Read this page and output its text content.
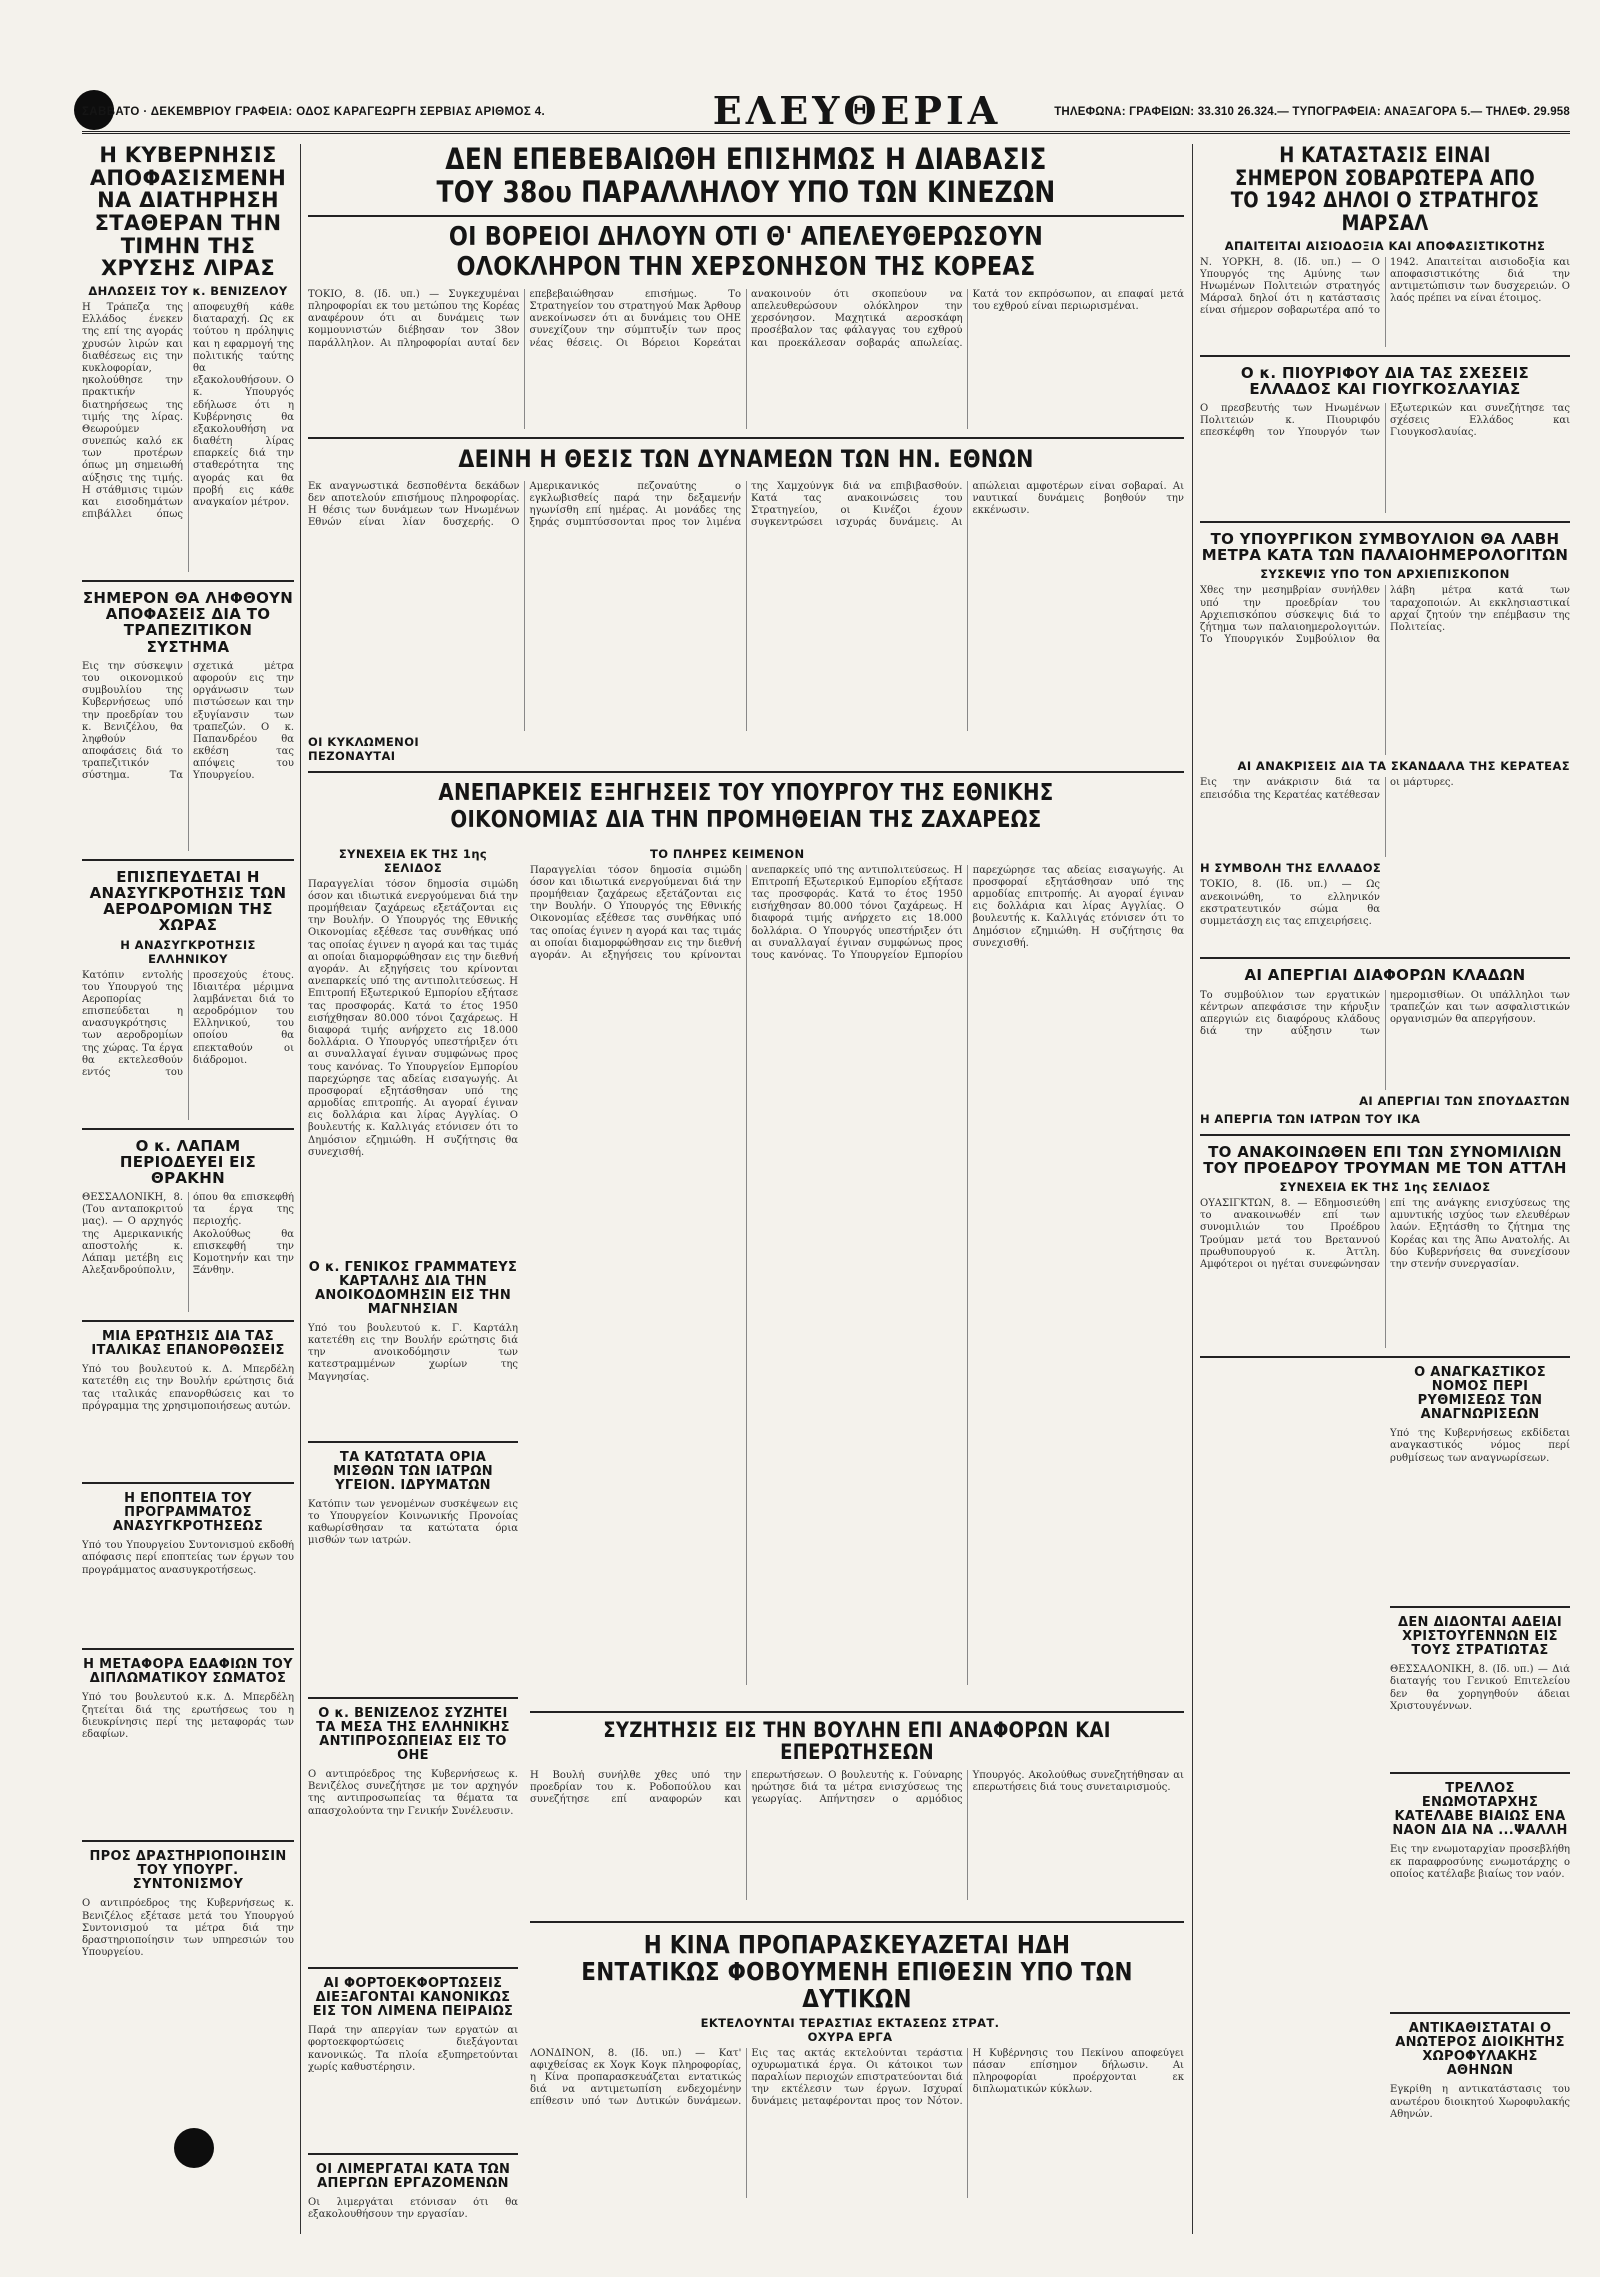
ΣΑΒΒΑΤΟ · ΔΕΚΕΜΒΡΙΟΥ ΓΡΑΦΕΙΑ: ΟΔΟΣ ΚΑΡΑΓΕΩΡΓΗ ΣΕΡΒΙΑΣ ΑΡΙΘΜΟΣ 4.	ΕΛΕΥΘΕΡΙΑ	ΤΗΛΕΦΩΝΑ: ΓΡΑΦΕΙΩΝ: 33.310 26.324.— ΤΥΠΟΓΡΑΦΕΙΑ: ΑΝΑΞΑΓΟΡΑ 5.— ΤΗΛΕΦ. 29.958
Η ΚΥΒΕΡΝΗΣΙΣ ΑΠΟΦΑΣΙΣΜΕΝΗ ΝΑ ΔΙΑΤΗΡΗΣΗ ΣΤΑΘΕΡΑΝ ΤΗΝ ΤΙΜΗΝ ΤΗΣ ΧΡΥΣΗΣ ΛΙΡΑΣ
ΔΗΛΩΣΕΙΣ ΤΟΥ κ. ΒΕΝΙΖΕΛΟΥ
Η Τράπεζα της Ελλάδος ένεκεν της επί της αγοράς χρυσών λιρών και διαθέσεως εις την κυκλοφορίαν, ηκολούθησε την πρακτικήν διατηρήσεως της τιμής της λίρας. Θεωρούμεν συνεπώς καλό εκ των προτέρων όπως μη σημειωθή αύξησις της τιμής. Η στάθμισις τιμών και εισοδημάτων επιβάλλει όπως αποφευχθή κάθε διαταραχή. Ως εκ τούτου η πρόληψις και η εφαρμογή της πολιτικής ταύτης θα εξακολουθήσουν. Ο κ. Υπουργός εδήλωσε ότι η Κυβέρνησις θα εξακολουθήση να διαθέτη λίρας επαρκείς διά την σταθερότητα της αγοράς και θα προβή εις κάθε αναγκαίον μέτρον.
ΣΗΜΕΡΟΝ ΘΑ ΛΗΦΘΟΥΝ ΑΠΟΦΑΣΕΙΣ ΔΙΑ ΤΟ ΤΡΑΠΕΖΙΤΙΚΟΝ ΣΥΣΤΗΜΑ
Εις την σύσκεψιν του οικονομικού συμβουλίου της Κυβερνήσεως υπό την προεδρίαν του κ. Βενιζέλου, θα ληφθούν αποφάσεις διά το τραπεζιτικόν σύστημα. Τα σχετικά μέτρα αφορούν εις την οργάνωσιν των πιστώσεων και την εξυγίανσιν των τραπεζών. Ο κ. Παπανδρέου θα εκθέση τας απόψεις του Υπουργείου.
ΕΠΙΣΠΕΥΔΕΤΑΙ Η ΑΝΑΣΥΓΚΡΟΤΗΣΙΣ ΤΩΝ ΑΕΡΟΔΡΟΜΙΩΝ ΤΗΣ ΧΩΡΑΣ
Η ΑΝΑΣΥΓΚΡΟΤΗΣΙΣ ΕΛΛΗΝΙΚΟΥ
Κατόπιν εντολής του Υπουργού της Αεροπορίας επισπεύδεται η ανασυγκρότησις των αεροδρομίων της χώρας. Τα έργα θα εκτελεσθούν εντός του προσεχούς έτους. Ιδιαιτέρα μέριμνα λαμβάνεται διά το αεροδρόμιον του Ελληνικού, του οποίου θα επεκταθούν οι διάδρομοι.
Ο κ. ΛΑΠΑΜ ΠΕΡΙΟΔΕΥΕΙ ΕΙΣ ΘΡΑΚΗΝ
ΘΕΣΣΑΛΟΝΙΚΗ, 8. (Του ανταποκριτού μας). — Ο αρχηγός της Αμερικανικής αποστολής κ. Λάπαμ μετέβη εις Αλεξανδρούπολιν, όπου θα επισκεφθή τα έργα της περιοχής. Ακολούθως θα επισκεφθή την Κομοτηνήν και την Ξάνθην.
ΜΙΑ ΕΡΩΤΗΣΙΣ ΔΙΑ ΤΑΣ ΙΤΑΛΙΚΑΣ ΕΠΑΝΟΡΘΩΣΕΙΣ
Υπό του βουλευτού κ. Δ. Μπερδέλη κατετέθη εις την Βουλήν ερώτησις διά τας ιταλικάς επανορθώσεις και το πρόγραμμα της χρησιμοποιήσεως αυτών.
Η ΕΠΟΠΤΕΙΑ ΤΟΥ ΠΡΟΓΡΑΜΜΑΤΟΣ ΑΝΑΣΥΓΚΡΟΤΗΣΕΩΣ
Υπό του Υπουργείου Συντονισμού εκδοθή απόφασις περί εποπτείας των έργων του προγράμματος ανασυγκροτήσεως.
Η ΜΕΤΑΦΟΡΑ ΕΔΑΦΙΩΝ ΤΟΥ ΔΙΠΛΩΜΑΤΙΚΟΥ ΣΩΜΑΤΟΣ
Υπό του βουλευτού κ.κ. Δ. Μπερδέλη ζητείται διά της ερωτήσεως του η διευκρίνησις περί της μεταφοράς των εδαφίων.
ΠΡΟΣ ΔΡΑΣΤΗΡΙΟΠΟΙΗΣΙΝ ΤΟΥ ΥΠΟΥΡΓ. ΣΥΝΤΟΝΙΣΜΟΥ
Ο αντιπρόεδρος της Κυβερνήσεως κ. Βενιζέλος εξέτασε μετά του Υπουργού Συντονισμού τα μέτρα διά την δραστηριοποίησιν των υπηρεσιών του Υπουργείου.
ΔΕΝ ΕΠΕΒΕΒΑΙΩΘΗ ΕΠΙΣΗΜΩΣ Η ΔΙΑΒΑΣΙΣ
ΤΟΥ 38ου ΠΑΡΑΛΛΗΛΟΥ ΥΠΟ ΤΩΝ ΚΙΝΕΖΩΝ
ΟΙ ΒΟΡΕΙΟΙ ΔΗΛΟΥΝ ΟΤΙ Θ' ΑΠΕΛΕΥΘΕΡΩΣΟΥΝ
ΟΛΟΚΛΗΡΟΝ ΤΗΝ ΧΕΡΣΟΝΗΣΟΝ ΤΗΣ ΚΟΡΕΑΣ
ΤΟΚΙΟ, 8. (Ιδ. υπ.) — Συγκεχυμέναι πληροφορίαι εκ του μετώπου της Κορέας αναφέρουν ότι αι δυνάμεις των κομμουνιστών διέβησαν τον 38ον παράλληλον. Αι πληροφορίαι αυταί δεν επεβεβαιώθησαν επισήμως. Το Στρατηγείον του στρατηγού Μακ Άρθουρ ανεκοίνωσεν ότι αι δυνάμεις του ΟΗΕ συνεχίζουν την σύμπτυξίν των προς νέας θέσεις. Οι Βόρειοι Κορεάται ανακοινούν ότι σκοπεύουν να απελευθερώσουν ολόκληρον την χερσόνησον. Μαχητικά αεροσκάφη προσέβαλον τας φάλαγγας του εχθρού και προεκάλεσαν σοβαράς απωλείας. Κατά τον εκπρόσωπον, αι επαφαί μετά του εχθρού είναι περιωρισμέναι.
ΔΕΙΝΗ Η ΘΕΣΙΣ ΤΩΝ ΔΥΝΑΜΕΩΝ ΤΩΝ ΗΝ. ΕΘΝΩΝ
Εκ αναγνωστικά δεσποθέντα δεκάδων δεν αποτελούν επισήμους πληροφορίας. Η θέσις των δυνάμεων των Ηνωμένων Εθνών είναι λίαν δυσχερής. Ο Αμερικανικός πεζοναύτης ο εγκλωβισθείς παρά την δεξαμενήν ηγωνίσθη επί ημέρας. Αι μονάδες της ξηράς συμπτύσσονται προς τον λιμένα της Χαμχούνγκ διά να επιβιβασθούν. Κατά τας ανακοινώσεις του Στρατηγείου, οι Κινέζοι έχουν συγκεντρώσει ισχυράς δυνάμεις. Αι απώλειαι αμφοτέρων είναι σοβαραί. Αι ναυτικαί δυνάμεις βοηθούν την εκκένωσιν.
ΟΙ ΚΥΚΛΩΜΕΝΟΙ ΠΕΖΟΝΑΥΤΑΙ
Ο κ. ΓΕΝΙΚΟΣ ΓΡΑΜΜΑΤΕΥΣ ΚΑΡΤΑΛΗΣ ΔΙΑ ΤΗΝ ΑΝΟΙΚΟΔΟΜΗΣΙΝ ΕΙΣ ΤΗΝ ΜΑΓΝΗΣΙΑΝ
Υπό του βουλευτού κ. Γ. Καρτάλη κατετέθη εις την Βουλήν ερώτησις διά την ανοικοδόμησιν των κατεστραμμένων χωρίων της Μαγνησίας.
ΤΑ ΚΑΤΩΤΑΤΑ ΟΡΙΑ ΜΙΣΘΩΝ ΤΩΝ ΙΑΤΡΩΝ ΥΓΕΙΟΝ. ΙΔΡΥΜΑΤΩΝ
Κατόπιν των γενομένων συσκέψεων εις το Υπουργείον Κοινωνικής Προνοίας καθωρίσθησαν τα κατώτατα όρια μισθών των ιατρών.
Ο κ. ΒΕΝΙΖΕΛΟΣ ΣΥΖΗΤΕΙ ΤΑ ΜΕΣΑ ΤΗΣ ΕΛΛΗΝΙΚΗΣ ΑΝΤΙΠΡΟΣΩΠΕΙΑΣ ΕΙΣ ΤΟ ΟΗΕ
Ο αντιπρόεδρος της Κυβερνήσεως κ. Βενιζέλος συνεζήτησε με τον αρχηγόν της αντιπροσωπείας τα θέματα τα απασχολούντα την Γενικήν Συνέλευσιν.
ΑΙ ΦΟΡΤΟΕΚΦΟΡΤΩΣΕΙΣ ΔΙΕΞΑΓΟΝΤΑΙ ΚΑΝΟΝΙΚΩΣ ΕΙΣ ΤΟΝ ΛΙΜΕΝΑ ΠΕΙΡΑΙΩΣ
Παρά την απεργίαν των εργατών αι φορτοεκφορτώσεις διεξάγονται κανονικώς. Τα πλοία εξυπηρετούνται χωρίς καθυστέρησιν.
ΟΙ ΛΙΜΕΡΓΑΤΑΙ ΚΑΤΑ ΤΩΝ ΑΠΕΡΓΩΝ ΕΡΓΑΖΟΜΕΝΩΝ
Οι λιμεργάται ετόνισαν ότι θα εξακολουθήσουν την εργασίαν.
ΑΝΕΠΑΡΚΕΙΣ ΕΞΗΓΗΣΕΙΣ ΤΟΥ ΥΠΟΥΡΓΟΥ ΤΗΣ ΕΘΝΙΚΗΣ
ΟΙΚΟΝΟΜΙΑΣ ΔΙΑ ΤΗΝ ΠΡΟΜΗΘΕΙΑΝ ΤΗΣ ΖΑΧΑΡΕΩΣ
ΣΥΝΕΧΕΙΑ ΕΚ ΤΗΣ 1ης ΣΕΛΙΔΟΣ
Παραγγελίαι τόσον δημοσία σιμώδη όσον και ιδιωτικά ενεργούμεναι διά την προμήθειαν ζαχάρεως εξετάζονται εις την Βουλήν. Ο Υπουργός της Εθνικής Οικονομίας εξέθεσε τας συνθήκας υπό τας οποίας έγινεν η αγορά και τας τιμάς αι οποίαι διαμορφώθησαν εις την διεθνή αγοράν. Αι εξηγήσεις του κρίνονται ανεπαρκείς υπό της αντιπολιτεύσεως. Η Επιτροπή Εξωτερικού Εμπορίου εξήτασε τας προσφοράς. Κατά το έτος 1950 εισήχθησαν 80.000 τόνοι ζαχάρεως. Η διαφορά τιμής ανήρχετο εις 18.000 δολλάρια. Ο Υπουργός υπεστήριξεν ότι αι συναλλαγαί έγιναν συμφώνως προς τους κανόνας. Το Υπουργείον Εμπορίου παρεχώρησε τας αδείας εισαγωγής. Αι προσφοραί εξητάσθησαν υπό της αρμοδίας επιτροπής. Αι αγοραί έγιναν εις δολλάρια και λίρας Αγγλίας. Ο βουλευτής κ. Καλλιγάς ετόνισεν ότι το Δημόσιον εζημιώθη. Η συζήτησις θα συνεχισθή.
ΤΟ ΠΛΗΡΕΣ ΚΕΙΜΕΝΟΝ
Παραγγελίαι τόσον δημοσία σιμώδη όσον και ιδιωτικά ενεργούμεναι διά την προμήθειαν ζαχάρεως εξετάζονται εις την Βουλήν. Ο Υπουργός της Εθνικής Οικονομίας εξέθεσε τας συνθήκας υπό τας οποίας έγινεν η αγορά και τας τιμάς αι οποίαι διαμορφώθησαν εις την διεθνή αγοράν. Αι εξηγήσεις του κρίνονται ανεπαρκείς υπό της αντιπολιτεύσεως. Η Επιτροπή Εξωτερικού Εμπορίου εξήτασε τας προσφοράς. Κατά το έτος 1950 εισήχθησαν 80.000 τόνοι ζαχάρεως. Η διαφορά τιμής ανήρχετο εις 18.000 δολλάρια. Ο Υπουργός υπεστήριξεν ότι αι συναλλαγαί έγιναν συμφώνως προς τους κανόνας. Το Υπουργείον Εμπορίου παρεχώρησε τας αδείας εισαγωγής. Αι προσφοραί εξητάσθησαν υπό της αρμοδίας επιτροπής. Αι αγοραί έγιναν εις δολλάρια και λίρας Αγγλίας. Ο βουλευτής κ. Καλλιγάς ετόνισεν ότι το Δημόσιον εζημιώθη. Η συζήτησις θα συνεχισθή.
ΣΥΖΗΤΗΣΙΣ ΕΙΣ ΤΗΝ ΒΟΥΛΗΝ ΕΠΙ ΑΝΑΦΟΡΩΝ ΚΑΙ ΕΠΕΡΩΤΗΣΕΩΝ
Η Βουλή συνήλθε χθες υπό την προεδρίαν του κ. Ροδοπούλου και συνεζήτησε επί αναφορών και επερωτήσεων. Ο βουλευτής κ. Γούναρης ηρώτησε διά τα μέτρα ενισχύσεως της γεωργίας. Απήντησεν ο αρμόδιος Υπουργός. Ακολούθως συνεζητήθησαν αι επερωτήσεις διά τους συνεταιρισμούς.
Η ΚΙΝΑ ΠΡΟΠΑΡΑΣΚΕΥΑΖΕΤΑΙ ΗΔΗ ΕΝΤΑΤΙΚΩΣ ΦΟΒΟΥΜΕΝΗ ΕΠΙΘΕΣΙΝ ΥΠΟ ΤΩΝ ΔΥΤΙΚΩΝ
ΕΚΤΕΛΟΥΝΤΑΙ ΤΕΡΑΣΤΙΑΣ ΕΚΤΑΣΕΩΣ ΣΤΡΑΤ. ΟΧΥΡΑ ΕΡΓΑ
ΛΟΝΔΙΝΟΝ, 8. (Ιδ. υπ.) — Κατ' αφιχθείσας εκ Χογκ Κογκ πληροφορίας, η Κίνα προπαρασκευάζεται εντατικώς διά να αντιμετωπίση ενδεχομένην επίθεσιν υπό των Δυτικών δυνάμεων. Εις τας ακτάς εκτελούνται τεράστια οχυρωματικά έργα. Οι κάτοικοι των παραλίων περιοχών επιστρατεύονται διά την εκτέλεσιν των έργων. Ισχυραί δυνάμεις μεταφέρονται προς τον Νότον. Η Κυβέρνησις του Πεκίνου αποφεύγει πάσαν επίσημον δήλωσιν. Αι πληροφορίαι προέρχονται εκ διπλωματικών κύκλων.
Η ΚΑΤΑΣΤΑΣΙΣ ΕΙΝΑΙ ΣΗΜΕΡΟΝ ΣΟΒΑΡΩΤΕΡΑ ΑΠΟ ΤΟ 1942 ΔΗΛΟΙ Ο ΣΤΡΑΤΗΓΟΣ ΜΑΡΣΑΛ
ΑΠΑΙΤΕΙΤΑΙ ΑΙΣΙΟΔΟΞΙΑ ΚΑΙ ΑΠΟΦΑΣΙΣΤΙΚΟΤΗΣ
Ν. ΥΟΡΚΗ, 8. (Ιδ. υπ.) — Ο Υπουργός της Αμύνης των Ηνωμένων Πολιτειών στρατηγός Μάρσαλ δηλοί ότι η κατάστασις είναι σήμερον σοβαρωτέρα από το 1942. Απαιτείται αισιοδοξία και αποφασιστικότης διά την αντιμετώπισιν των δυσχερειών. Ο λαός πρέπει να είναι έτοιμος.
Ο κ. ΠΙΟΥΡΙΦΟΥ ΔΙΑ ΤΑΣ ΣΧΕΣΕΙΣ ΕΛΛΑΔΟΣ ΚΑΙ ΓΙΟΥΓΚΟΣΛΑΥΙΑΣ
Ο πρεσβευτής των Ηνωμένων Πολιτειών κ. Πιουριφόυ επεσκέφθη τον Υπουργόν των Εξωτερικών και συνεζήτησε τας σχέσεις Ελλάδος και Γιουγκοσλαυίας.
ΤΟ ΥΠΟΥΡΓΙΚΟΝ ΣΥΜΒΟΥΛΙΟΝ ΘΑ ΛΑΒΗ ΜΕΤΡΑ ΚΑΤΑ ΤΩΝ ΠΑΛΑΙΟΗΜΕΡΟΛΟΓΙΤΩΝ
ΣΥΣΚΕΨΙΣ ΥΠΟ ΤΟΝ ΑΡΧΙΕΠΙΣΚΟΠΟΝ
Χθες την μεσημβρίαν συνήλθεν υπό την προεδρίαν του Αρχιεπισκόπου σύσκεψις διά το ζήτημα των παλαιοημερολογιτών. Το Υπουργικόν Συμβούλιον θα λάβη μέτρα κατά των ταραχοποιών. Αι εκκλησιαστικαί αρχαί ζητούν την επέμβασιν της Πολιτείας.
ΑΙ ΑΝΑΚΡΙΣΕΙΣ ΔΙΑ ΤΑ ΣΚΑΝΔΑΛΑ ΤΗΣ ΚΕΡΑΤΕΑΣ
Εις την ανάκρισιν διά τα επεισόδια της Κερατέας κατέθεσαν οι μάρτυρες.
Η ΣΥΜΒΟΛΗ ΤΗΣ ΕΛΛΑΔΟΣ
ΤΟΚΙΟ, 8. (Ιδ. υπ.) — Ως ανεκοινώθη, το ελληνικόν εκστρατευτικόν σώμα θα συμμετάσχη εις τας επιχειρήσεις.
ΑΙ ΑΠΕΡΓΙΑΙ ΔΙΑΦΟΡΩΝ ΚΛΑΔΩΝ
Το συμβούλιον των εργατικών κέντρων απεφάσισε την κήρυξιν απεργιών εις διαφόρους κλάδους διά την αύξησιν των ημερομισθίων. Οι υπάλληλοι των τραπεζών και των ασφαλιστικών οργανισμών θα απεργήσουν.
ΑΙ ΑΠΕΡΓΙΑΙ ΤΩΝ ΣΠΟΥΔΑΣΤΩΝ
Η ΑΠΕΡΓΙΑ ΤΩΝ ΙΑΤΡΩΝ ΤΟΥ ΙΚΑ
ΤΟ ΑΝΑΚΟΙΝΩΘΕΝ ΕΠΙ ΤΩΝ ΣΥΝΟΜΙΛΙΩΝ ΤΟΥ ΠΡΟΕΔΡΟΥ ΤΡΟΥΜΑΝ ΜΕ ΤΟΝ ΑΤΤΛΗ
ΣΥΝΕΧΕΙΑ ΕΚ ΤΗΣ 1ης ΣΕΛΙΔΟΣ
ΟΥΑΣΙΓΚΤΩΝ, 8. — Εδημοσιεύθη το ανακοινωθέν επί των συνομιλιών του Προέδρου Τρούμαν μετά του Βρεταννού πρωθυπουργού κ. Άττλη. Αμφότεροι οι ηγέται συνεφώνησαν επί της ανάγκης ενισχύσεως της αμυντικής ισχύος των ελευθέρων λαών. Εξητάσθη το ζήτημα της Κορέας και της Άπω Ανατολής. Αι δύο Κυβερνήσεις θα συνεχίσουν την στενήν συνεργασίαν.
Ο ΑΝΑΓΚΑΣΤΙΚΟΣ ΝΟΜΟΣ ΠΕΡΙ ΡΥΘΜΙΣΕΩΣ ΤΩΝ ΑΝΑΓΝΩΡΙΣΕΩΝ
Υπό της Κυβερνήσεως εκδίδεται αναγκαστικός νόμος περί ρυθμίσεως των αναγνωρίσεων.
ΔΕΝ ΔΙΔΟΝΤΑΙ ΑΔΕΙΑΙ ΧΡΙΣΤΟΥΓΕΝΝΩΝ ΕΙΣ ΤΟΥΣ ΣΤΡΑΤΙΩΤΑΣ
ΘΕΣΣΑΛΟΝΙΚΗ, 8. (Ιδ. υπ.) — Διά διαταγής του Γενικού Επιτελείου δεν θα χορηγηθούν άδειαι Χριστουγέννων.
ΤΡΕΛΛΟΣ ΕΝΩΜΟΤΑΡΧΗΣ ΚΑΤΕΛΑΒΕ ΒΙΑΙΩΣ ΕΝΑ ΝΑΟΝ ΔΙΑ ΝΑ ...ΨΑΛΛΗ
Εις την ενωμοταρχίαν προσεβλήθη εκ παραφροσύνης ενωμοτάρχης ο οποίος κατέλαβε βιαίως τον ναόν.
ΑΝΤΙΚΑΘΙΣΤΑΤΑΙ Ο ΑΝΩΤΕΡΟΣ ΔΙΟΙΚΗΤΗΣ ΧΩΡΟΦΥΛΑΚΗΣ ΑΘΗΝΩΝ
Εγκρίθη η αντικατάστασις του ανωτέρου διοικητού Χωροφυλακής Αθηνών.
